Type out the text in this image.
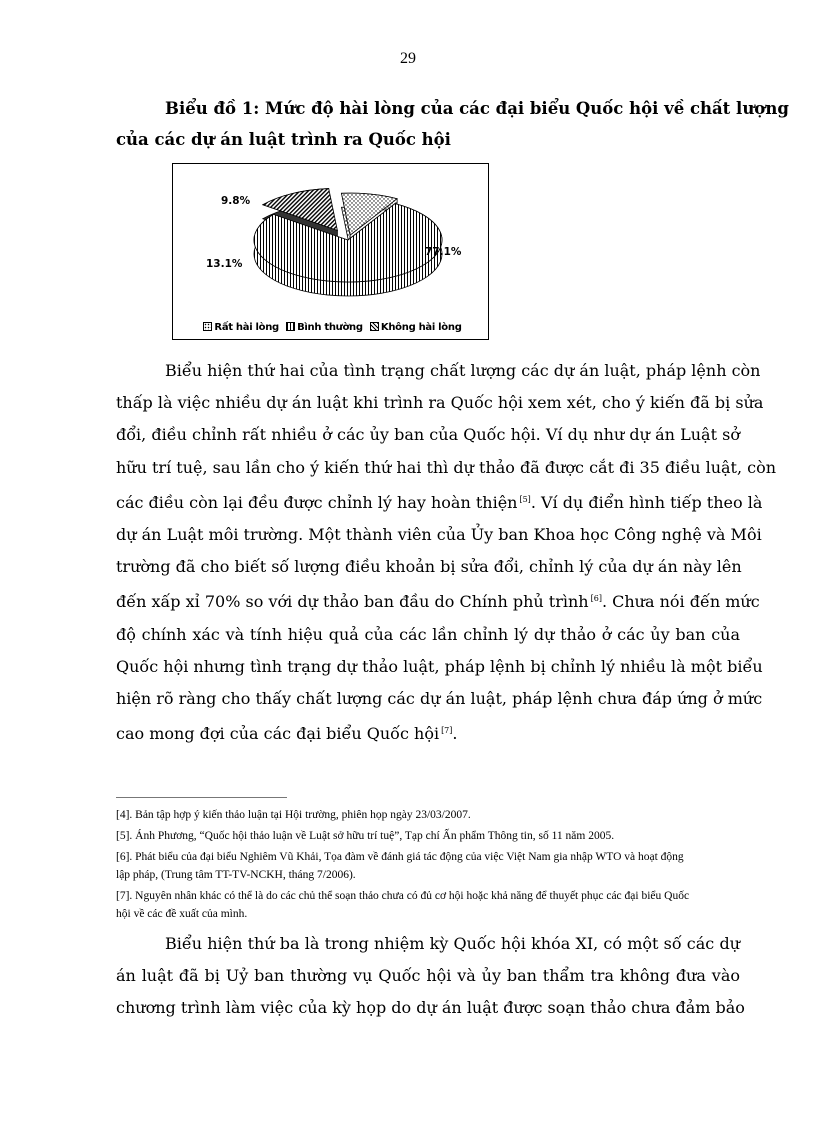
29
Biểu đồ 1: Mức độ hài lòng của các đại biểu Quốc hội về chất lượng
của các dự án luật trình ra Quốc hội
9.8%
77.1%
13.1%
Rất hài lòng Bình thường Không hài lòng
Biểu hiện thứ hai của tình trạng chất lượng các dự án luật, pháp lệnh còn
thấp là việc nhiều dự án luật khi trình ra Quốc hội xem xét, cho ý kiến đã bị sửa
đổi, điều chỉnh rất nhiều ở các ủy ban của Quốc hội. Ví dụ như dự án Luật sở
hữu trí tuệ, sau lần cho ý kiến thứ hai thì dự thảo đã được cắt đi 35 điều luật, còn
các điều còn lại đều được chỉnh lý hay hoàn thiện [5]. Ví dụ điển hình tiếp theo là
dự án Luật môi trường. Một thành viên của Ủy ban Khoa học Công nghệ và Môi
trường đã cho biết số lượng điều khoản bị sửa đổi, chỉnh lý của dự án này lên
đến xấp xỉ 70% so với dự thảo ban đầu do Chính phủ trình [6]. Chưa nói đến mức
độ chính xác và tính hiệu quả của các lần chỉnh lý dự thảo ở các ủy ban của
Quốc hội nhưng tình trạng dự thảo luật, pháp lệnh bị chỉnh lý nhiều là một biểu
hiện rõ ràng cho thấy chất lượng các dự án luật, pháp lệnh chưa đáp ứng ở mức
cao mong đợi của các đại biểu Quốc hội [7].
[4]. Bản tập hợp ý kiến thảo luận tại Hội trường, phiên họp ngày 23/03/2007.
[5]. Ánh Phương, “Quốc hội thảo luận về Luật sở hữu trí tuệ”, Tạp chí Ấn phẩm Thông tin, số 11 năm 2005.
[6]. Phát biểu của đại biểu Nghiêm Vũ Khải, Tọa đàm về đánh giá tác động của việc Việt Nam gia nhập WTO và hoạt động
lập pháp, (Trung tâm TT-TV-NCKH, tháng 7/2006).
[7]. Nguyên nhân khác có thể là do các chủ thể soạn thảo chưa có đủ cơ hội hoặc khả năng để thuyết phục các đại biểu Quốc
hội về các đề xuất của mình.
Biểu hiện thứ ba là trong nhiệm kỳ Quốc hội khóa XI, có một số các dự
án luật đã bị Uỷ ban thường vụ Quốc hội và ủy ban thẩm tra không đưa vào
chương trình làm việc của kỳ họp do dự án luật được soạn thảo chưa đảm bảo
